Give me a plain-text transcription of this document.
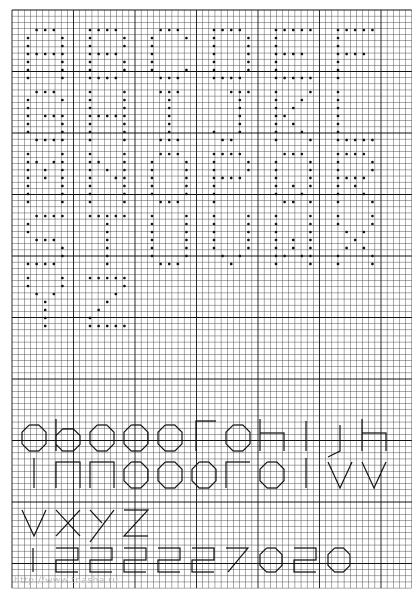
http://www.tnasha.ru
